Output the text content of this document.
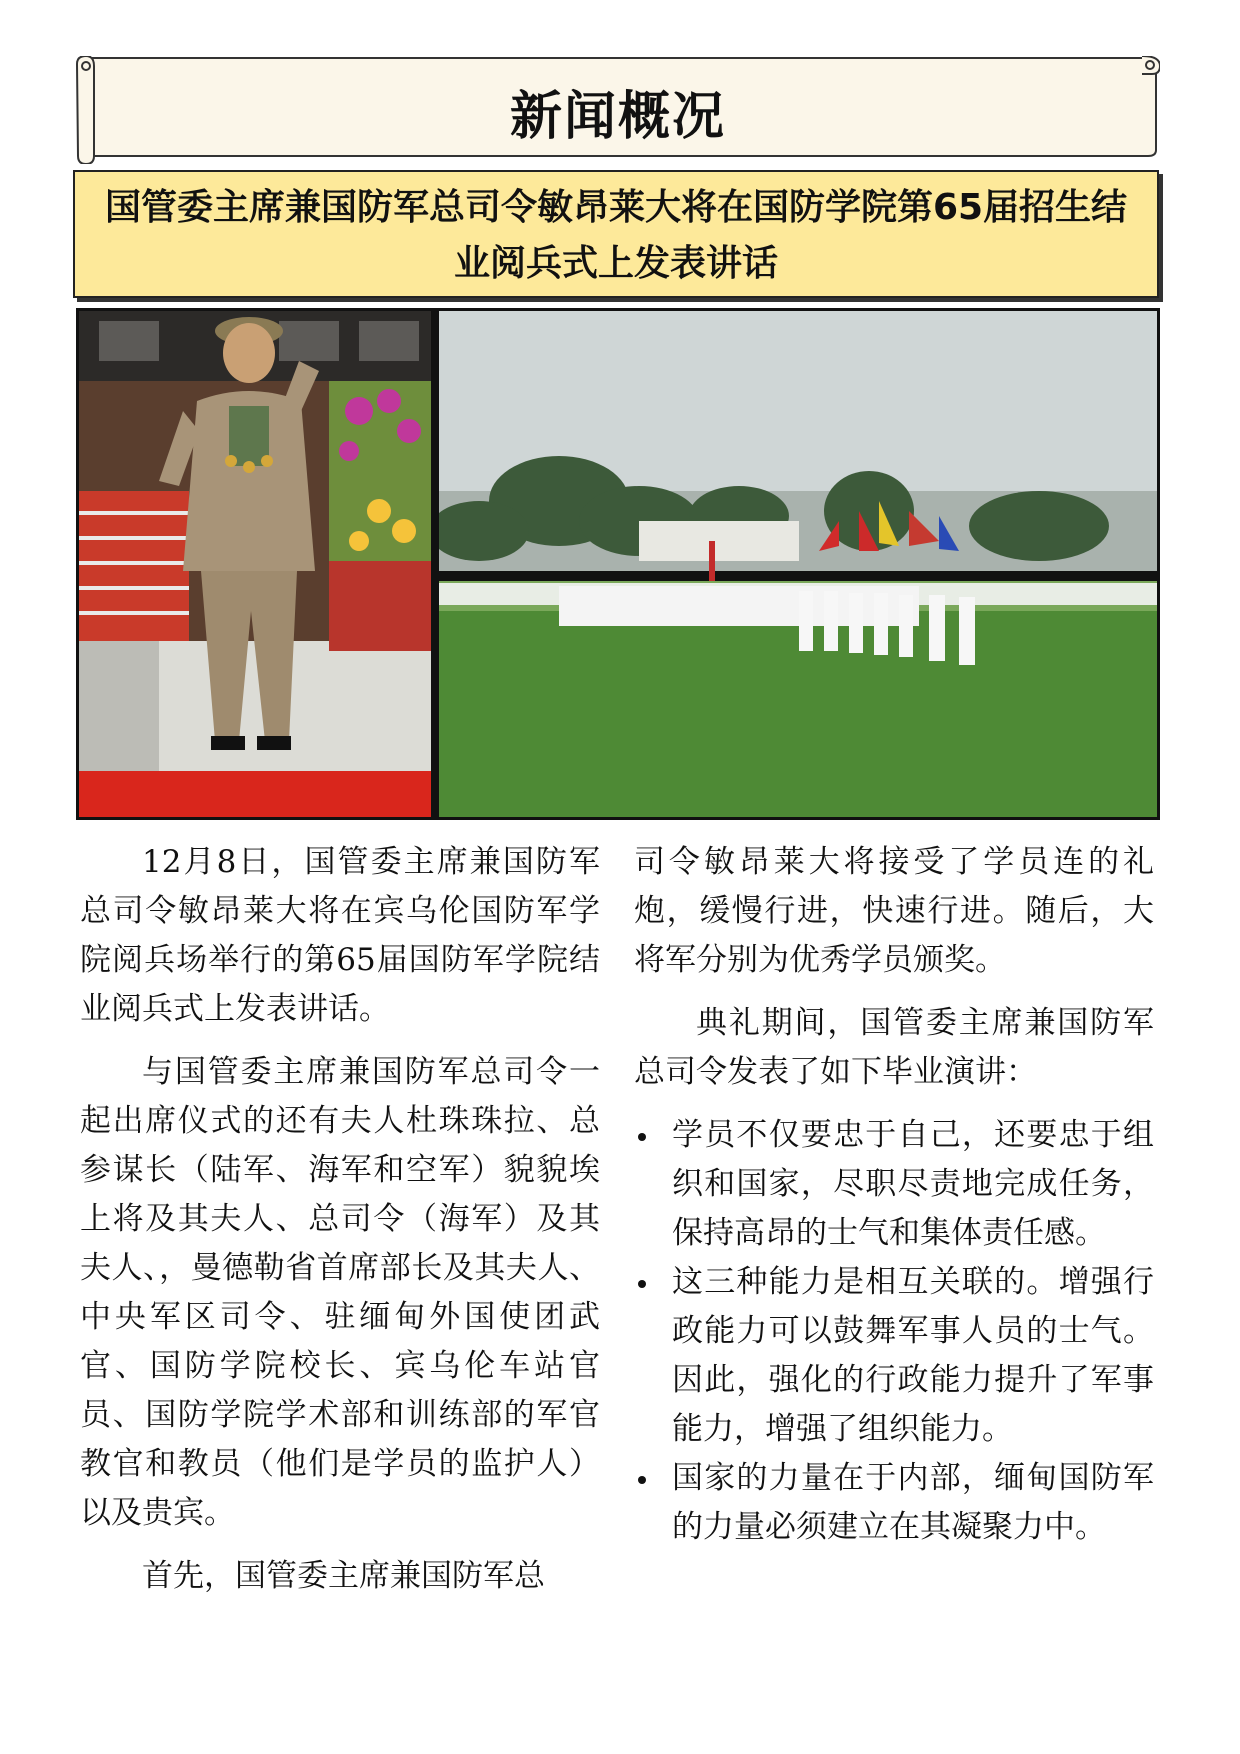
新闻概况
国管委主席兼国防军总司令敏昂莱大将在国防学院第65届招生结业阅兵式上发表讲话

12月8日，国管委主席兼国防军总司令敏昂莱大将在宾乌伦国防军学院阅兵场举行的第65届国防军学院结业阅兵式上发表讲话。

与国管委主席兼国防军总司令一起出席仪式的还有夫人杜珠珠拉、总参谋长（陆军、海军和空军）貌貌埃上将及其夫人、总司令（海军）及其夫人、，曼德勒省首席部长及其夫人、中央军区司令、驻缅甸外国使团武官、国防学院校长、宾乌伦车站官员、国防学院学术部和训练部的军官教官和教员（他们是学员的监护人）以及贵宾。

首先，国管委主席兼国防军总

司令敏昂莱大将接受了学员连的礼炮，缓慢行进，快速行进。随后，大将军分别为优秀学员颁奖。

典礼期间，国管委主席兼国防军总司令发表了如下毕业演讲：

学员不仅要忠于自己，还要忠于组织和国家，尽职尽责地完成任务，保持高昂的士气和集体责任感。
这三种能力是相互关联的。增强行政能力可以鼓舞军事人员的士气。因此，强化的行政能力提升了军事能力，增强了组织能力。
国家的力量在于内部，缅甸国防军的力量必须建立在其凝聚力中。
